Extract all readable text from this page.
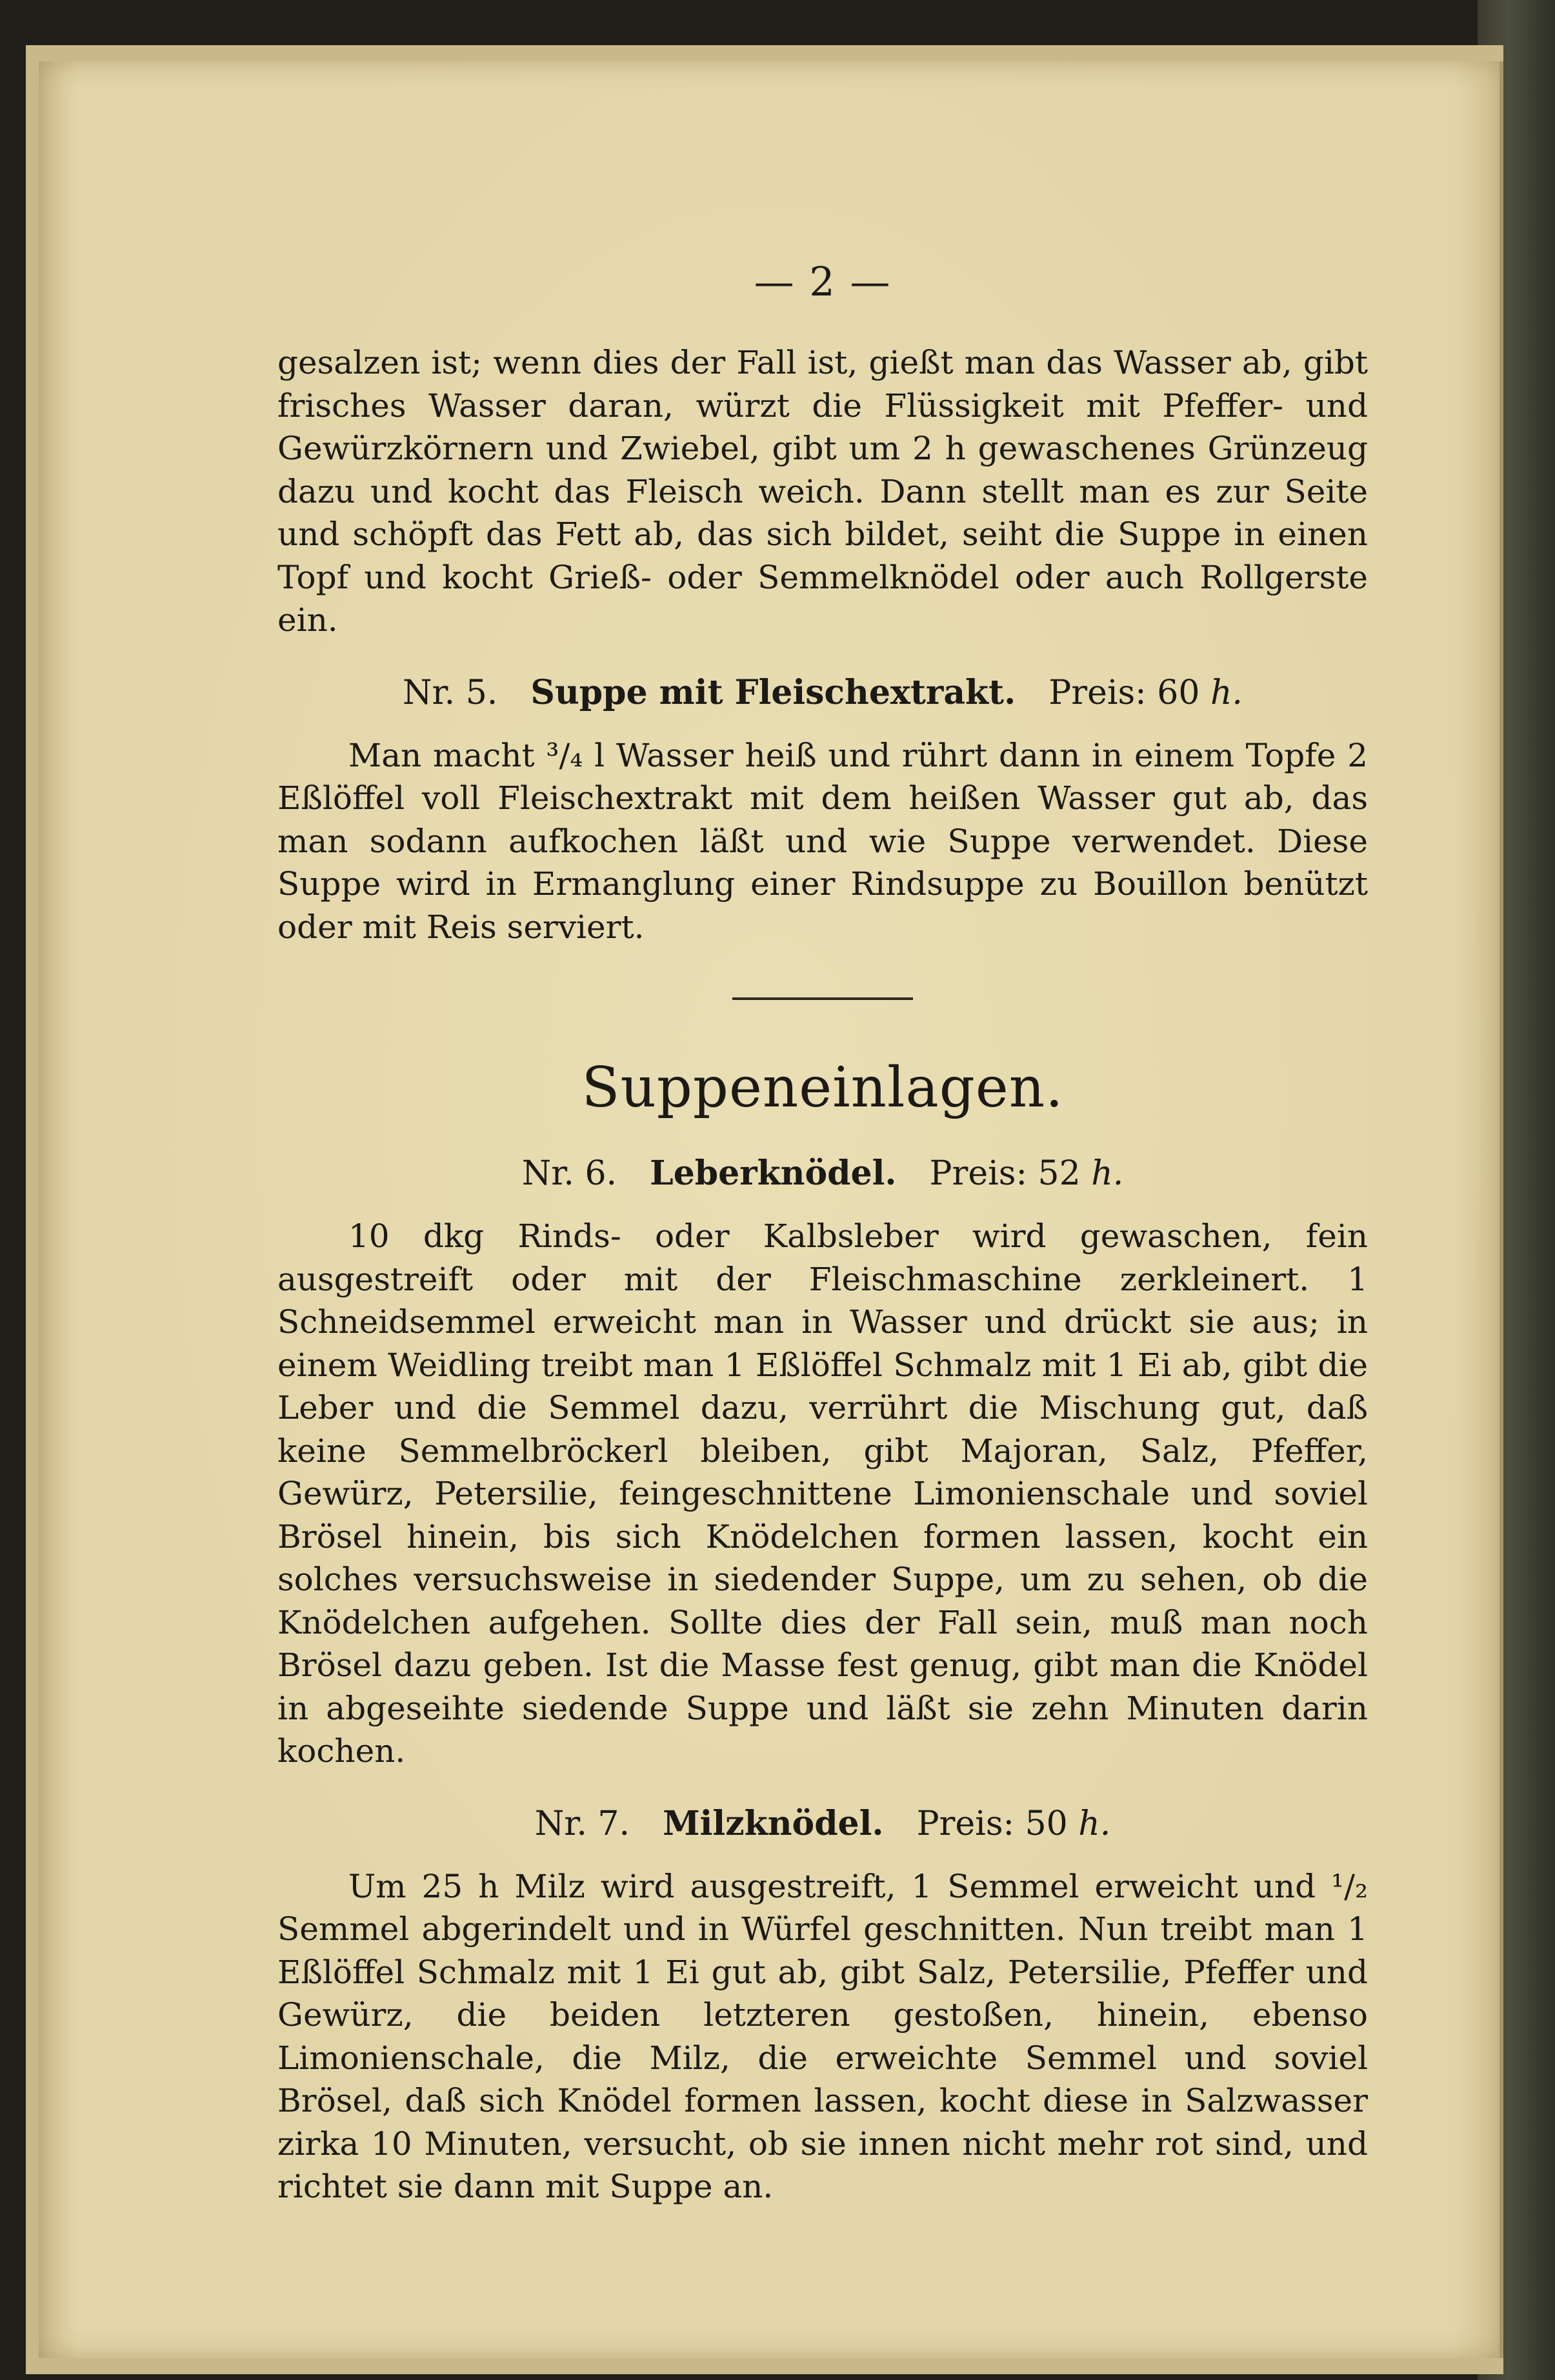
— 2 —

gesalzen ist; wenn dies der Fall ist, gießt man das Wasser ab, gibt frisches Wasser daran, würzt die Flüssigkeit mit Pfeffer- und Gewürzkörnern und Zwiebel, gibt um 2 h gewaschenes Grünzeug dazu und kocht das Fleisch weich. Dann stellt man es zur Seite und schöpft das Fett ab, das sich bildet, seiht die Suppe in einen Topf und kocht Grieß- oder Semmelknödel oder auch Rollgerste ein.

Nr. 5. Suppe mit Fleischextrakt. Preis: 60 h.

Man macht ³/₄ l Wasser heiß und rührt dann in einem Topfe 2 Eßlöffel voll Fleischextrakt mit dem heißen Wasser gut ab, das man sodann aufkochen läßt und wie Suppe verwendet. Diese Suppe wird in Ermanglung einer Rindsuppe zu Bouillon benützt oder mit Reis serviert.

Suppeneinlagen.
Nr. 6. Leberknödel. Preis: 52 h.

10 dkg Rinds- oder Kalbsleber wird gewaschen, fein ausgestreift oder mit der Fleischmaschine zerkleinert. 1 Schneidsemmel erweicht man in Wasser und drückt sie aus; in einem Weidling treibt man 1 Eßlöffel Schmalz mit 1 Ei ab, gibt die Leber und die Semmel dazu, verrührt die Mischung gut, daß keine Semmelbröckerl bleiben, gibt Majoran, Salz, Pfeffer, Gewürz, Petersilie, feingeschnittene Limonienschale und soviel Brösel hinein, bis sich Knödelchen formen lassen, kocht ein solches versuchsweise in siedender Suppe, um zu sehen, ob die Knödelchen aufgehen. Sollte dies der Fall sein, muß man noch Brösel dazu geben. Ist die Masse fest genug, gibt man die Knödel in abgeseihte siedende Suppe und läßt sie zehn Minuten darin kochen.

Nr. 7. Milzknödel. Preis: 50 h.

Um 25 h Milz wird ausgestreift, 1 Semmel erweicht und ¹/₂ Semmel abgerindelt und in Würfel geschnitten. Nun treibt man 1 Eßlöffel Schmalz mit 1 Ei gut ab, gibt Salz, Petersilie, Pfeffer und Gewürz, die beiden letzteren gestoßen, hinein, ebenso Limonienschale, die Milz, die erweichte Semmel und soviel Brösel, daß sich Knödel formen lassen, kocht diese in Salzwasser zirka 10 Minuten, versucht, ob sie innen nicht mehr rot sind, und richtet sie dann mit Suppe an.
